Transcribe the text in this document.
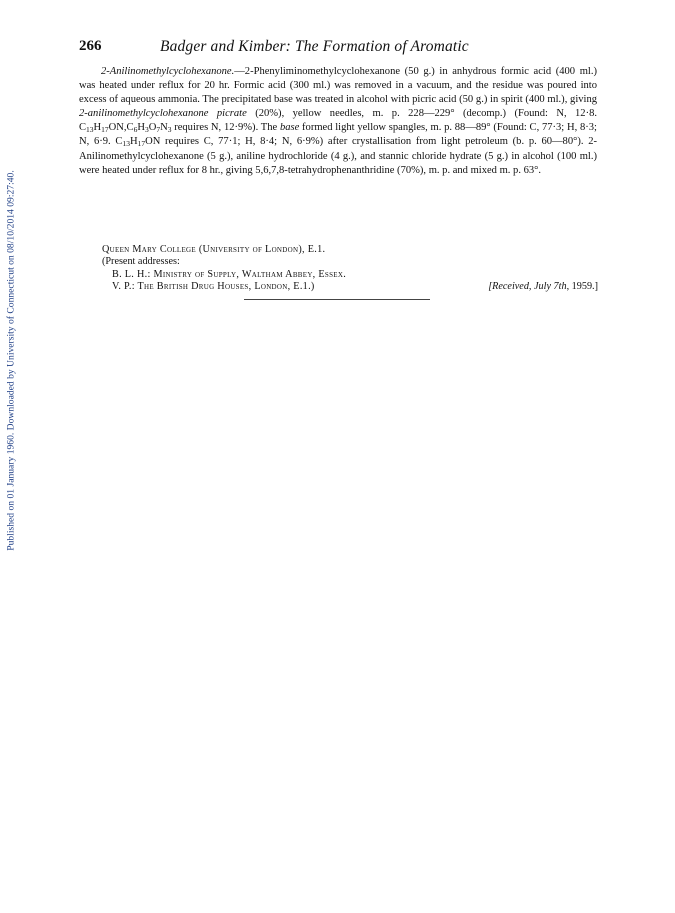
Published on 01 January 1960. Downloaded by University of Connecticut on 08/10/2014 09:27:40.
266	Badger and Kimber: The Formation of Aromatic

2-Anilinomethylcyclohexanone.—2-Phenyliminomethylcyclohexanone (50 g.) in anhydrous formic acid (400 ml.) was heated under reflux for 20 hr. Formic acid (300 ml.) was removed in a vacuum, and the residue was poured into excess of aqueous ammonia. The precipitated base was treated in alcohol with picric acid (50 g.) in spirit (400 ml.), giving 2-anilinomethylcyclohexanone picrate (20%), yellow needles, m. p. 228—229° (decomp.) (Found: N, 12·8. $C_{13}H_{17}ON,C_6H_3O_7N_3$ requires N, 12·9%). The base formed light yellow spangles, m. p. 88—89° (Found: C, 77·3; H, 8·3; N, 6·9. $C_{13}H_{17}ON$ requires C, 77·1; H, 8·4; N, 6·9%) after crystallisation from light petroleum (b. p. 60—80°). 2-Anilinomethylcyclohexanone (5 g.), aniline hydrochloride (4 g.), and stannic chloride hydrate (5 g.) in alcohol (100 ml.) were heated under reflux for 8 hr., giving 5,6,7,8-tetrahydrophenanthridine (70%), m. p. and mixed m. p. 63°.

Queen Mary College (University of London), E.1.
(Present addresses:
B. L. H.: Ministry of Supply, Waltham Abbey, Essex.
V. P.: The British Drug Houses, London, E.1.)	[Received, July 7th, 1959.]
